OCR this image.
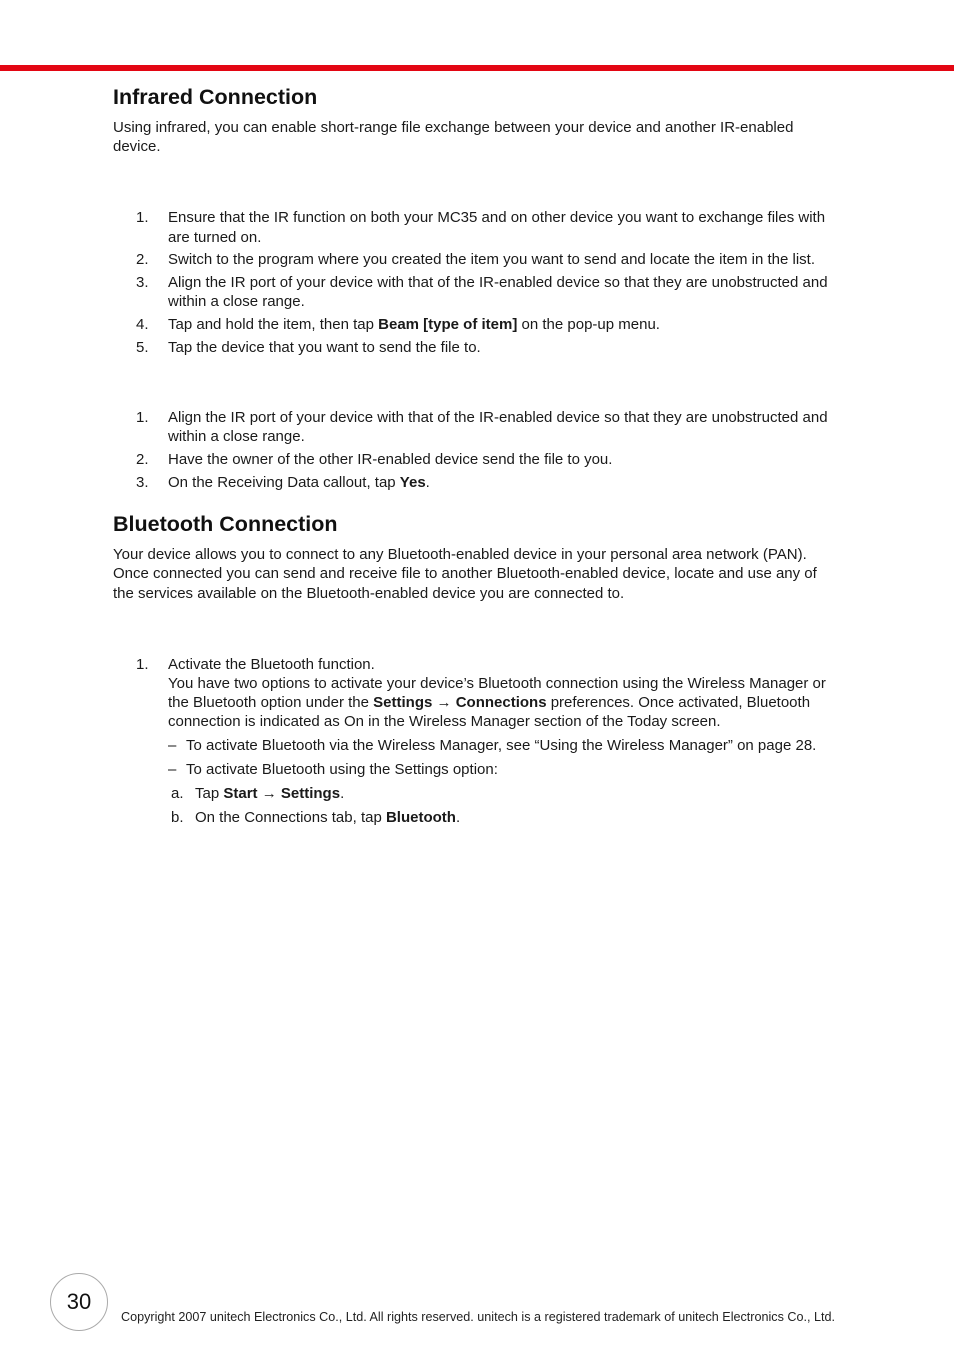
Infrared Connection

Using infrared, you can enable short-range file exchange between your device and another IR-enabled device.

1. Ensure that the IR function on both your MC35 and on other device you want to exchange files with are turned on.
2. Switch to the program where you created the item you want to send and locate the item in the list.
3. Align the IR port of your device with that of the IR-enabled device so that they are unobstructed and within a close range.
4. Tap and hold the item, then tap Beam [type of item] on the pop-up menu.
5. Tap the device that you want to send the file to.
1. Align the IR port of your device with that of the IR-enabled device so that they are unobstructed and within a close range.
2. Have the owner of the other IR-enabled device send the file to you.
3. On the Receiving Data callout, tap Yes.
Bluetooth Connection

Your device allows you to connect to any Bluetooth-enabled device in your personal area network (PAN). Once connected you can send and receive file to another Bluetooth-enabled device, locate and use any of the services available on the Bluetooth-enabled device you are connected to.

1. Activate the Bluetooth function.
You have two options to activate your device’s Bluetooth connection using the Wireless Manager or the Bluetooth option under the Settings → Connections preferences. Once activated, Bluetooth connection is indicated as On in the Wireless Manager section of the Today screen.
– To activate Bluetooth via the Wireless Manager, see “Using the Wireless Manager” on page 28.
– To activate Bluetooth using the Settings option:
a. Tap Start → Settings.
b. On the Connections tab, tap Bluetooth.
30
Copyright 2007 unitech Electronics Co., Ltd. All rights reserved. unitech is a registered trademark of unitech Electronics Co., Ltd.
